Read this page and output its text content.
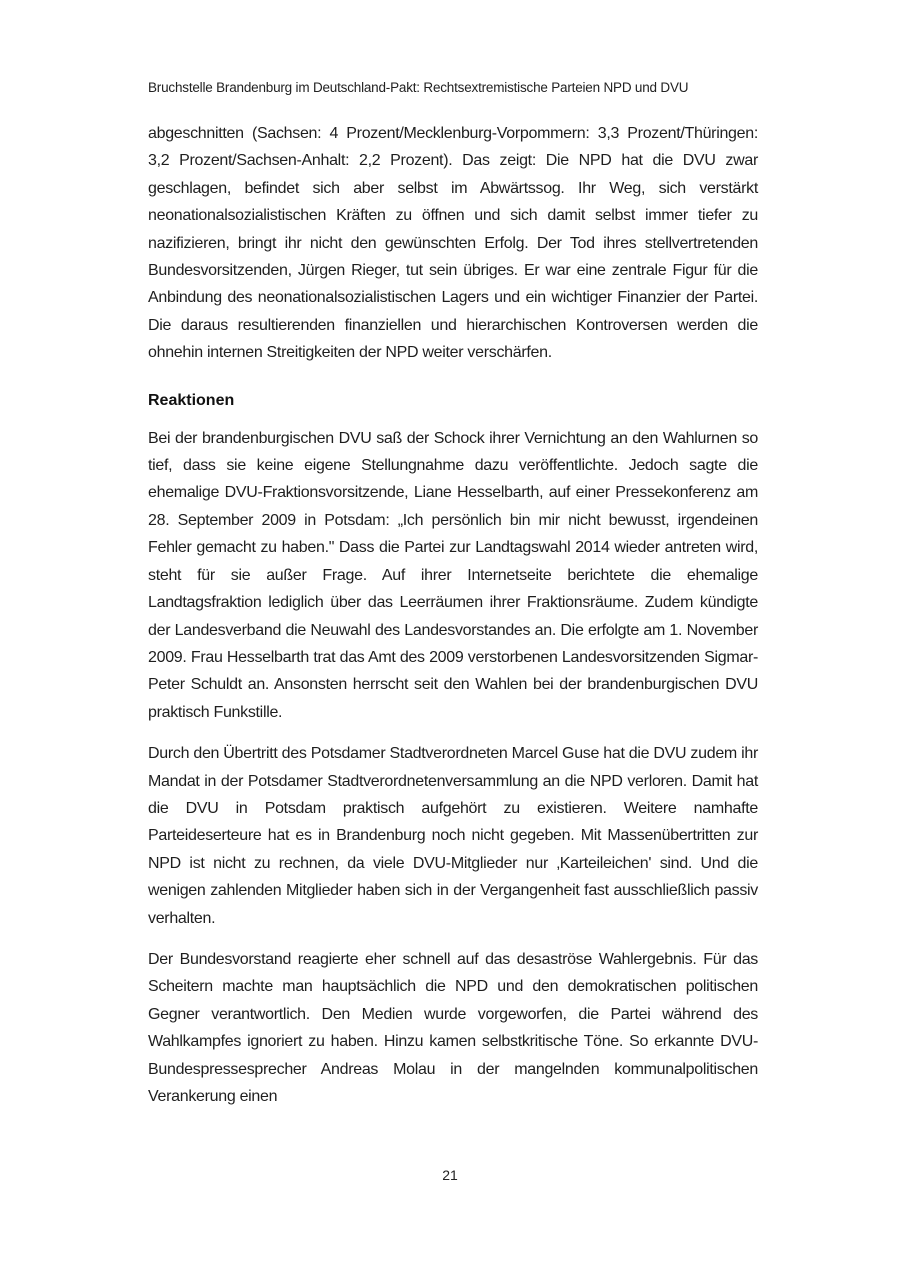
Bruchstelle Brandenburg im Deutschland-Pakt: Rechtsextremistische Parteien NPD und DVU

abgeschnitten (Sachsen: 4 Prozent/Mecklenburg-Vorpommern: 3,3 Prozent/Thüringen: 3,2 Prozent/Sachsen-Anhalt: 2,2 Prozent). Das zeigt: Die NPD hat die DVU zwar geschlagen, befindet sich aber selbst im Abwärtssog. Ihr Weg, sich verstärkt neonationalsozialistischen Kräften zu öffnen und sich damit selbst immer tiefer zu nazifizieren, bringt ihr nicht den gewünschten Erfolg. Der Tod ihres stellvertretenden Bundesvorsitzenden, Jürgen Rieger, tut sein übriges. Er war eine zentrale Figur für die Anbindung des neonationalsozialistischen Lagers und ein wichtiger Finanzier der Partei. Die daraus resultierenden finanziellen und hierarchischen Kontroversen werden die ohnehin internen Streitigkeiten der NPD weiter verschärfen.

Reaktionen

Bei der brandenburgischen DVU saß der Schock ihrer Vernichtung an den Wahlurnen so tief, dass sie keine eigene Stellungnahme dazu veröffentlichte. Jedoch sagte die ehemalige DVU-Fraktionsvorsitzende, Liane Hesselbarth, auf einer Pressekonferenz am 28. September 2009 in Potsdam: „Ich persönlich bin mir nicht bewusst, irgendeinen Fehler gemacht zu haben." Dass die Partei zur Landtagswahl 2014 wieder antreten wird, steht für sie außer Frage. Auf ihrer Internetseite berichtete die ehemalige Landtagsfraktion lediglich über das Leerräumen ihrer Fraktionsräume. Zudem kündigte der Landesverband die Neuwahl des Landesvorstandes an. Die erfolgte am 1. November 2009. Frau Hesselbarth trat das Amt des 2009 verstorbenen Landesvorsitzenden Sigmar-Peter Schuldt an. Ansonsten herrscht seit den Wahlen bei der brandenburgischen DVU praktisch Funkstille.

Durch den Übertritt des Potsdamer Stadtverordneten Marcel Guse hat die DVU zudem ihr Mandat in der Potsdamer Stadtverordnetenversammlung an die NPD verloren. Damit hat die DVU in Potsdam praktisch aufgehört zu existieren. Weitere namhafte Parteideserteure hat es in Brandenburg noch nicht gegeben. Mit Massenübertritten zur NPD ist nicht zu rechnen, da viele DVU-Mitglieder nur ‚Karteileichen' sind. Und die wenigen zahlenden Mitglieder haben sich in der Vergangenheit fast ausschließlich passiv verhalten.

Der Bundesvorstand reagierte eher schnell auf das desaströse Wahlergebnis. Für das Scheitern machte man hauptsächlich die NPD und den demokratischen politischen Gegner verantwortlich. Den Medien wurde vorgeworfen, die Partei während des Wahlkampfes ignoriert zu haben. Hinzu kamen selbstkritische Töne. So erkannte DVU-Bundespressesprecher Andreas Molau in der mangelnden kommunalpolitischen Verankerung einen

21
